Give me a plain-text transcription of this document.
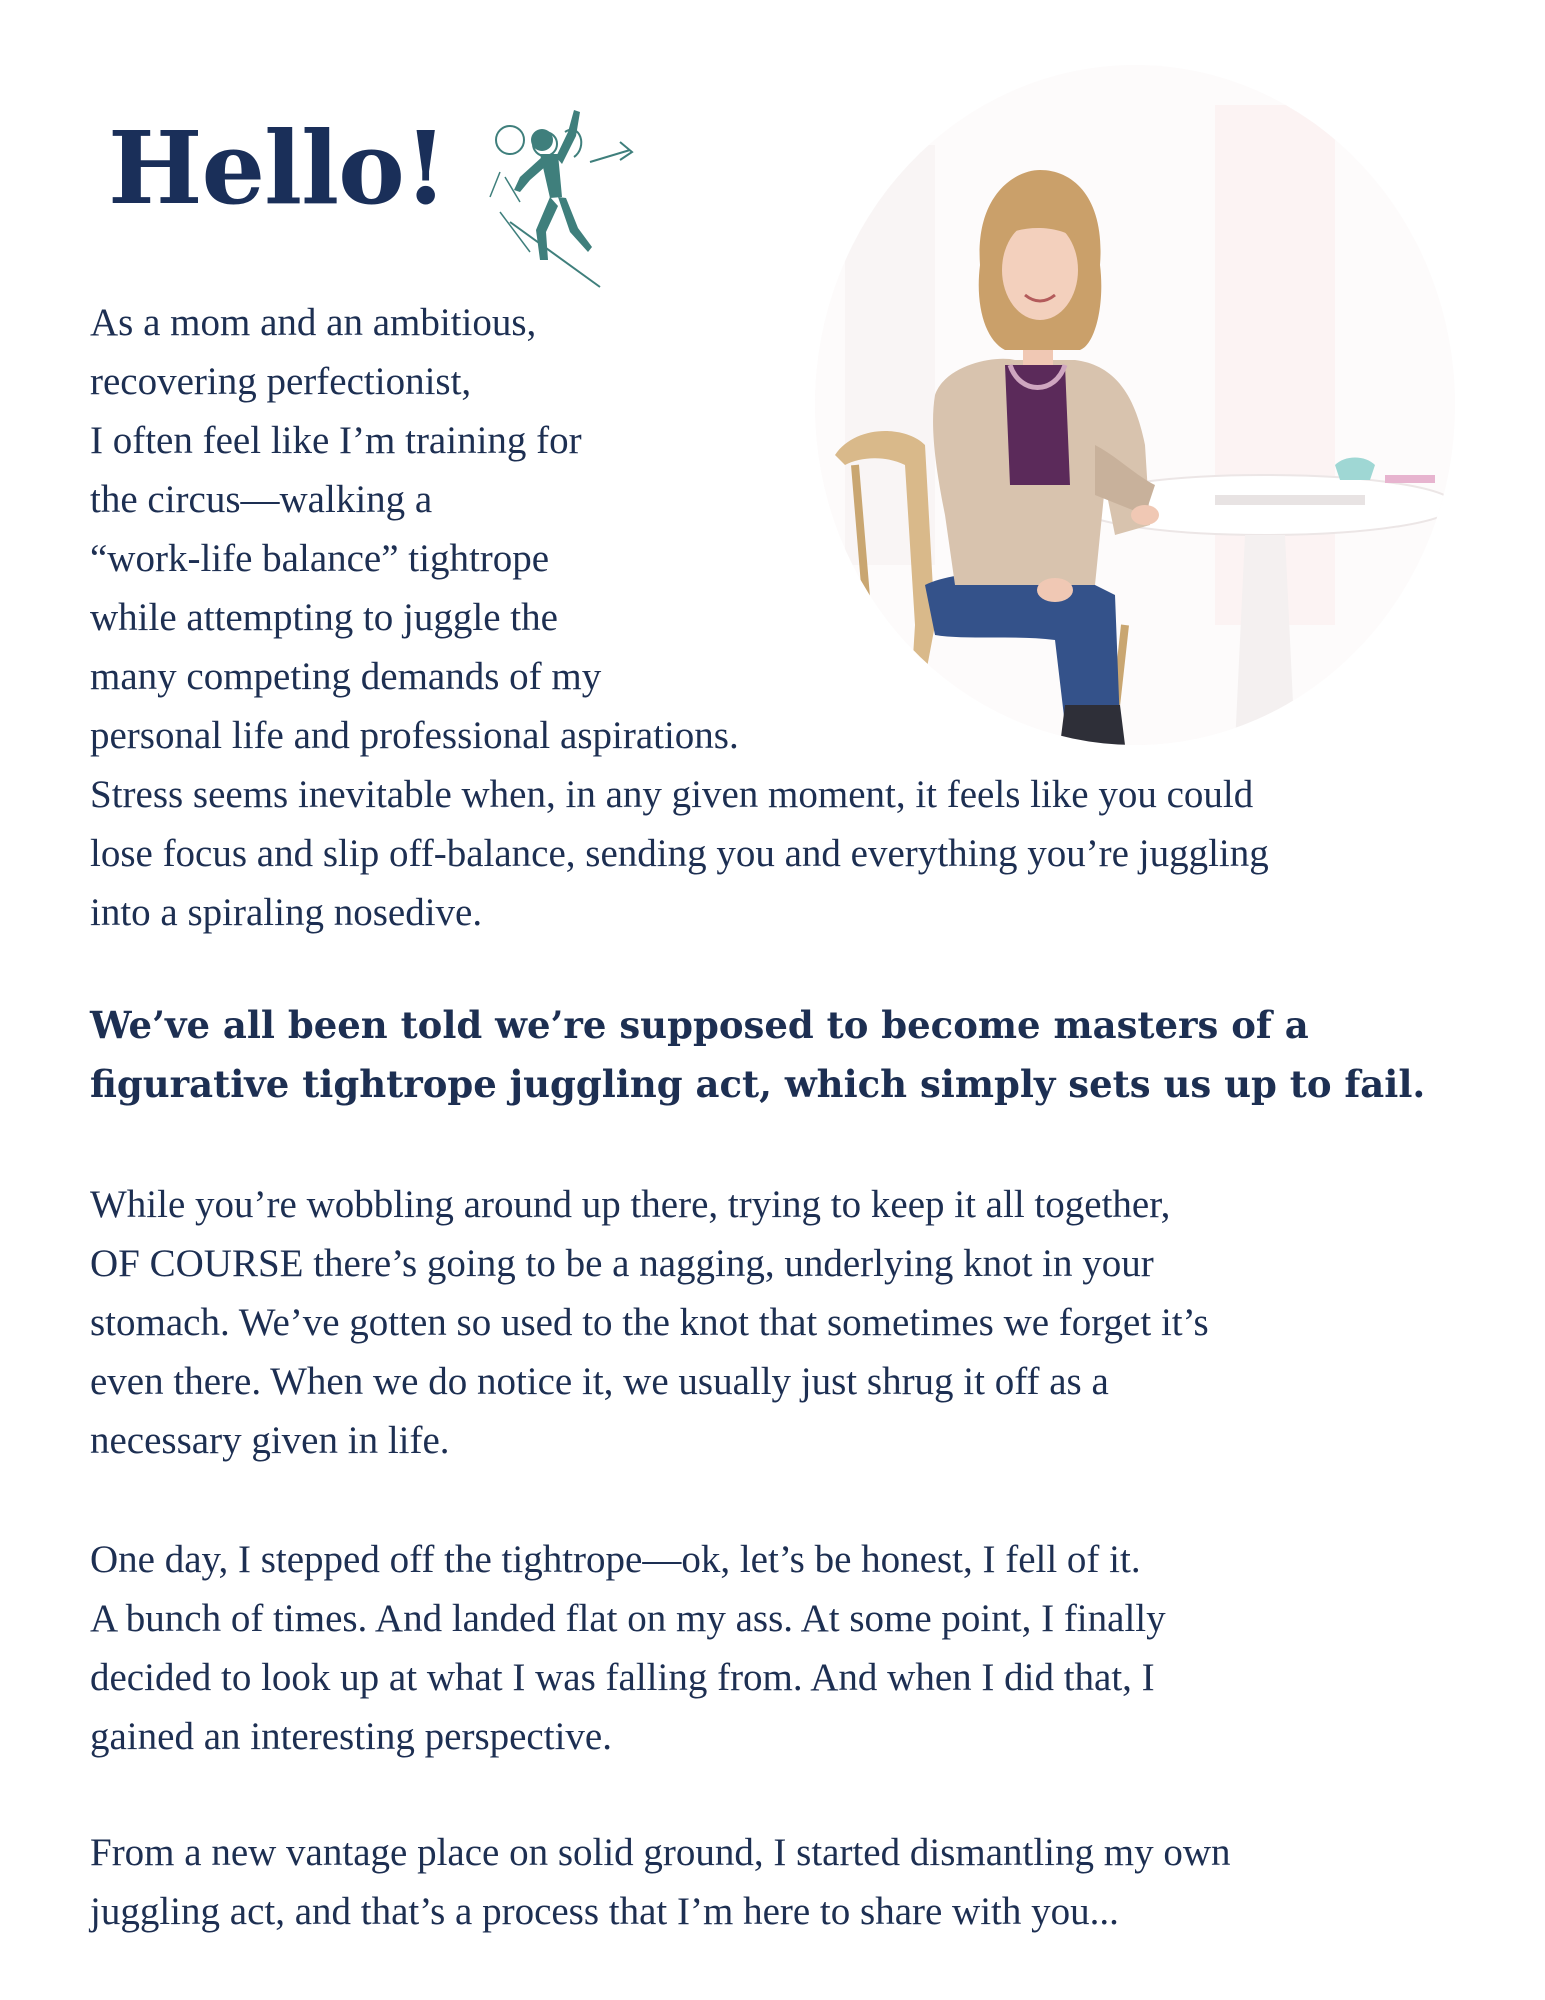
Hello!

As a mom and an ambitious,
recovering perfectionist,
I often feel like I’m training for
the circus—walking a
“work-life balance” tightrope
while attempting to juggle the
many competing demands of my
personal life and professional aspirations.
Stress seems inevitable when, in any given moment, it feels like you could
lose focus and slip off-balance, sending you and everything you’re juggling
into a spiraling nosedive.

We’ve all been told we’re supposed to become masters of a
figurative tightrope juggling act, which simply sets us up to fail.

While you’re wobbling around up there, trying to keep it all together,
OF COURSE there’s going to be a nagging, underlying knot in your
stomach. We’ve gotten so used to the knot that sometimes we forget it’s
even there. When we do notice it, we usually just shrug it off as a
necessary given in life.

One day, I stepped off the tightrope—ok, let’s be honest, I fell of it.
A bunch of times. And landed flat on my ass. At some point, I finally
decided to look up at what I was falling from. And when I did that, I
gained an interesting perspective.

From a new vantage place on solid ground, I started dismantling my own
juggling act, and that’s a process that I’m here to share with you...
